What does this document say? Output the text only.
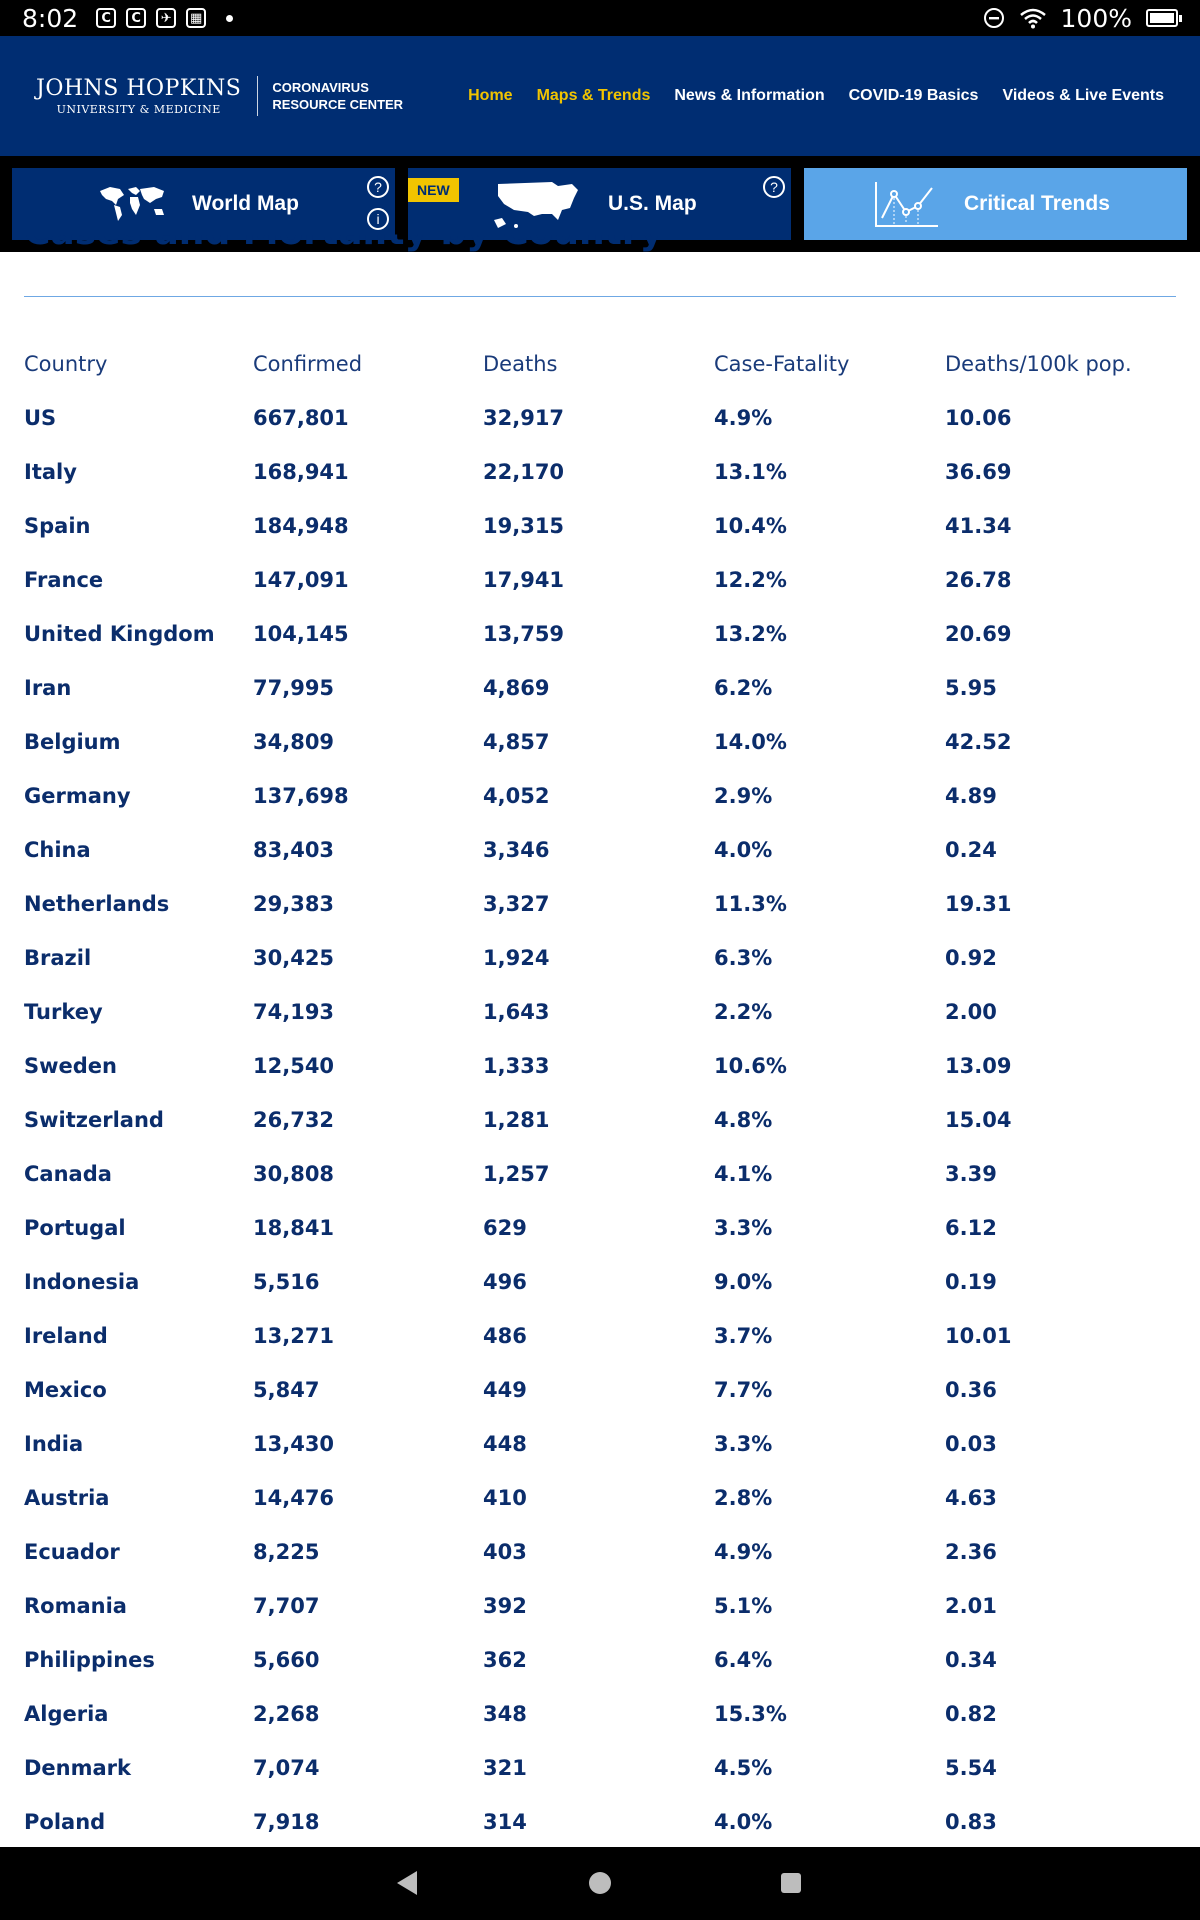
8:02	C	C	✈	▦	100%
JOHNS HOPKINS
UNIVERSITY & MEDICINE
CORONAVIRUS
RESOURCE CENTER
Home Maps & Trends News & Information COVID-19 Basics Videos & Live Events
World Map
?
i
NEW
U.S. Map
?
Critical Trends
Country	Confirmed	Deaths	Case-Fatality	Deaths/100k pop.
US	667,801	32,917	4.9%	10.06
Italy	168,941	22,170	13.1%	36.69
Spain	184,948	19,315	10.4%	41.34
France	147,091	17,941	12.2%	26.78
United Kingdom 104,145	13,759	13.2%	20.69
Iran	77,995	4,869	6.2%	5.95
Belgium	34,809	4,857	14.0%	42.52
Germany	137,698	4,052	2.9%	4.89
China	83,403	3,346	4.0%	0.24
Netherlands	29,383	3,327	11.3%	19.31
Brazil	30,425	1,924	6.3%	0.92
Turkey	74,193	1,643	2.2%	2.00
Sweden	12,540	1,333	10.6%	13.09
Switzerland	26,732	1,281	4.8%	15.04
Canada	30,808	1,257	4.1%	3.39
Portugal	18,841	629	3.3%	6.12
Indonesia	5,516	496	9.0%	0.19
Ireland	13,271	486	3.7%	10.01
Mexico	5,847	449	7.7%	0.36
India	13,430	448	3.3%	0.03
Austria	14,476	410	2.8%	4.63
Ecuador	8,225	403	4.9%	2.36
Romania	7,707	392	5.1%	2.01
Philippines	5,660	362	6.4%	0.34
Algeria	2,268	348	15.3%	0.82
Denmark	7,074	321	4.5%	5.54
Poland	7,918	314	4.0%	0.83
